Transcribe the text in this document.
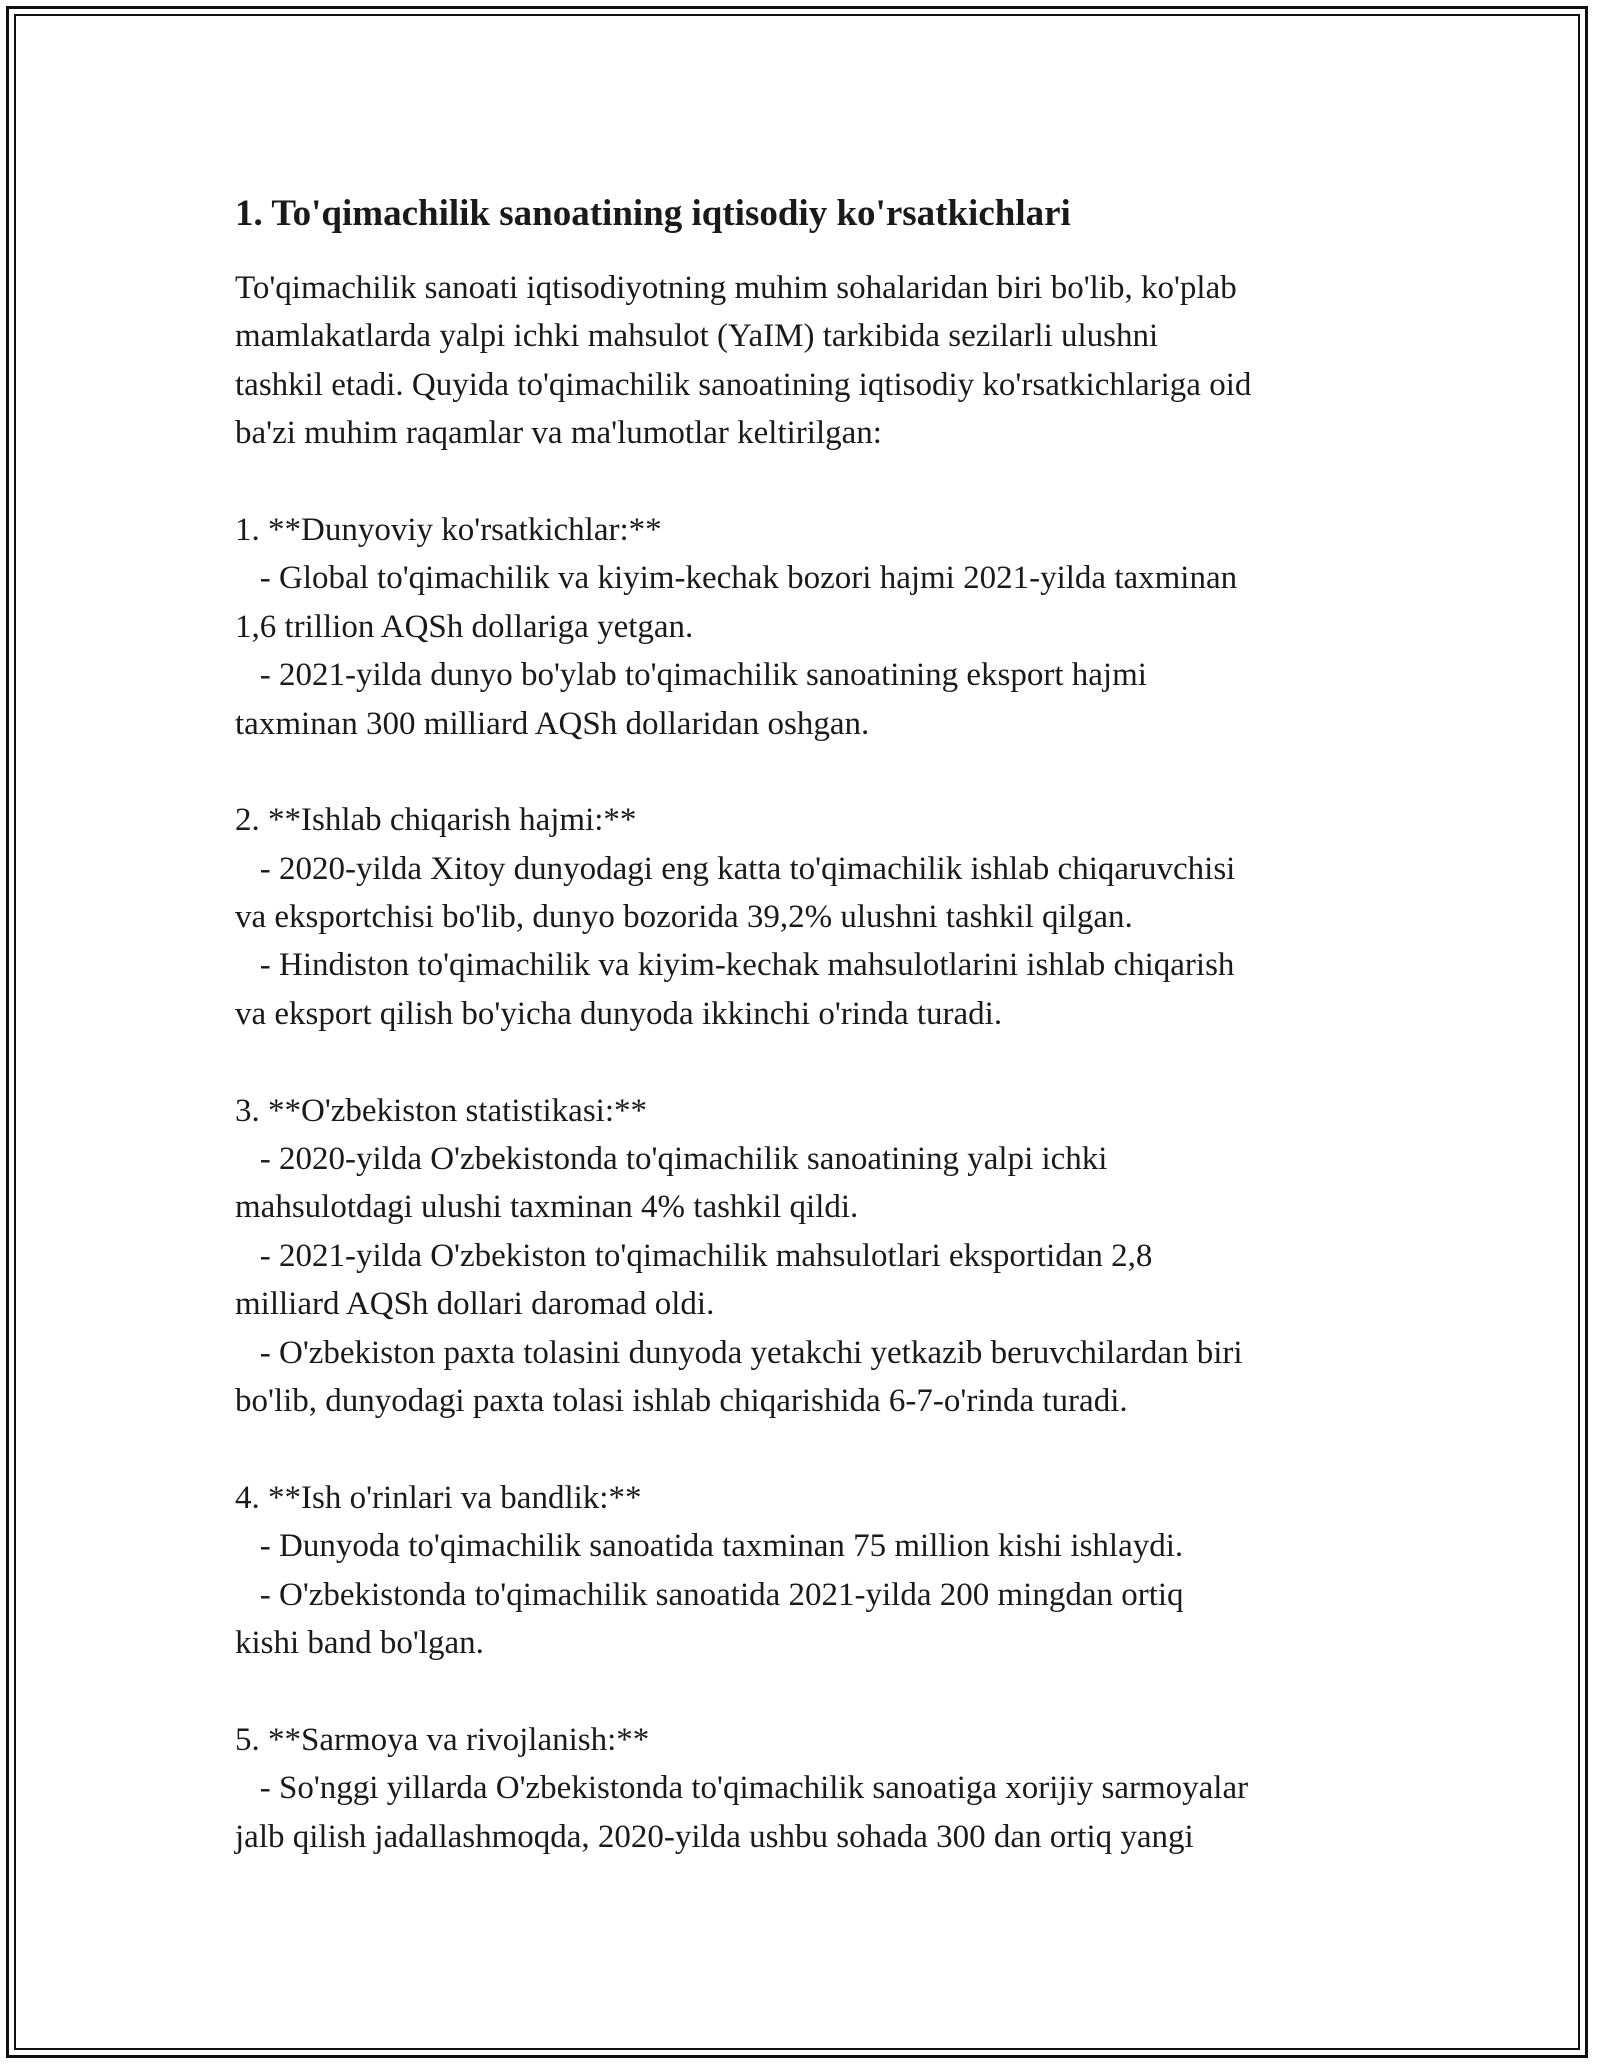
1. To'qimachilik sanoatining iqtisodiy ko'rsatkichlari
To'qimachilik sanoati iqtisodiyotning muhim sohalaridan biri bo'lib, ko'plab
mamlakatlarda yalpi ichki mahsulot (YaIM) tarkibida sezilarli ulushni
tashkil etadi. Quyida to'qimachilik sanoatining iqtisodiy ko'rsatkichlariga oid
ba'zi muhim raqamlar va ma'lumotlar keltirilgan:
1. **Dunyoviy ko'rsatkichlar:**
- Global to'qimachilik va kiyim-kechak bozori hajmi 2021-yilda taxminan
1,6 trillion AQSh dollariga yetgan.
- 2021-yilda dunyo bo'ylab to'qimachilik sanoatining eksport hajmi
taxminan 300 milliard AQSh dollaridan oshgan.
2. **Ishlab chiqarish hajmi:**
- 2020-yilda Xitoy dunyodagi eng katta to'qimachilik ishlab chiqaruvchisi
va eksportchisi bo'lib, dunyo bozorida 39,2% ulushni tashkil qilgan.
- Hindiston to'qimachilik va kiyim-kechak mahsulotlarini ishlab chiqarish
va eksport qilish bo'yicha dunyoda ikkinchi o'rinda turadi.
3. **O'zbekiston statistikasi:**
- 2020-yilda O'zbekistonda to'qimachilik sanoatining yalpi ichki
mahsulotdagi ulushi taxminan 4% tashkil qildi.
- 2021-yilda O'zbekiston to'qimachilik mahsulotlari eksportidan 2,8
milliard AQSh dollari daromad oldi.
- O'zbekiston paxta tolasini dunyoda yetakchi yetkazib beruvchilardan biri
bo'lib, dunyodagi paxta tolasi ishlab chiqarishida 6-7-o'rinda turadi.
4. **Ish o'rinlari va bandlik:**
- Dunyoda to'qimachilik sanoatida taxminan 75 million kishi ishlaydi.
- O'zbekistonda to'qimachilik sanoatida 2021-yilda 200 mingdan ortiq
kishi band bo'lgan.
5. **Sarmoya va rivojlanish:**
- So'nggi yillarda O'zbekistonda to'qimachilik sanoatiga xorijiy sarmoyalar
jalb qilish jadallashmoqda, 2020-yilda ushbu sohada 300 dan ortiq yangi
